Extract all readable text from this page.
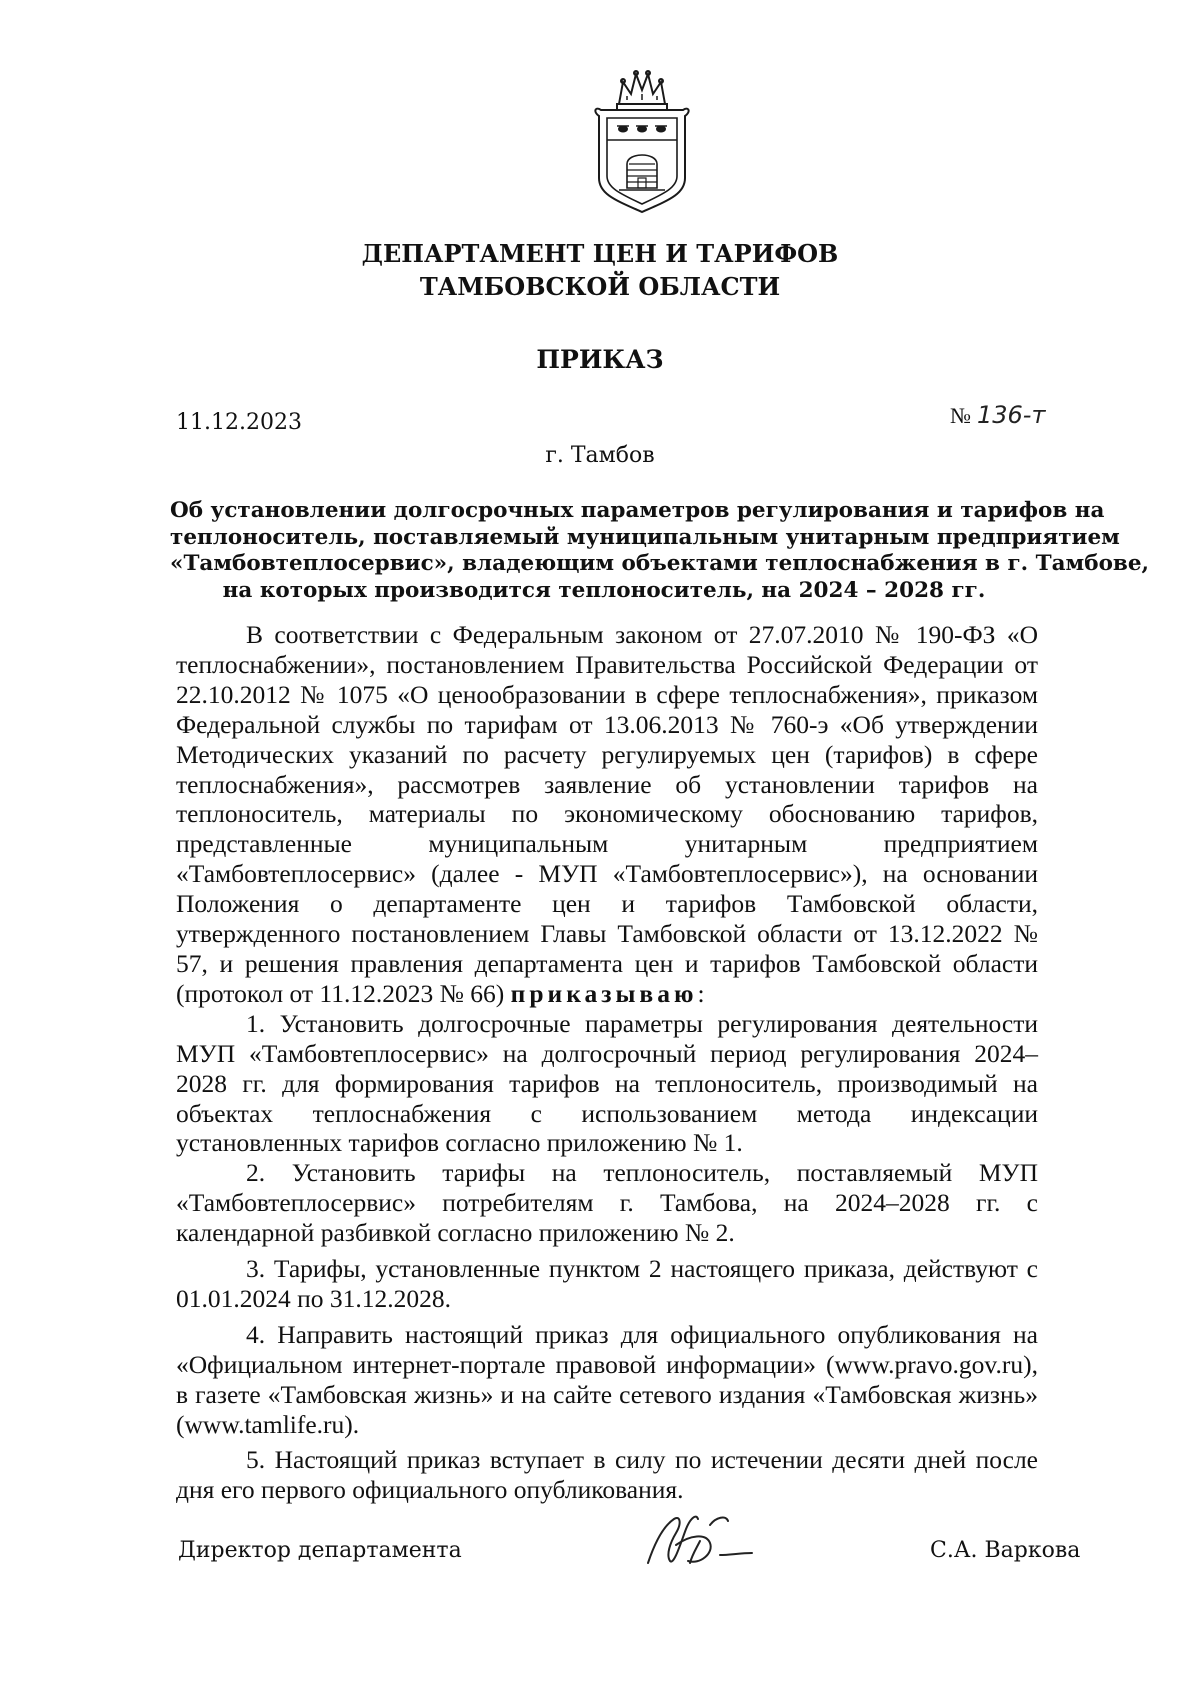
ДЕПАРТАМЕНТ ЦЕН И ТАРИФОВ
ТАМБОВСКОЙ ОБЛАСТИ
ПРИКАЗ
11.12.2023	№ 136-т
г. Тамбов
Об установлении долгосрочных параметров регулирования и тарифов на
теплоноситель, поставляемый муниципальным унитарным предприятием
«Тамбовтеплосервис», владеющим объектами теплоснабжения в г. Тамбове,
на которых производится теплоноситель, на 2024 – 2028 гг.

В соответствии с Федеральным законом от 27.07.2010 № 190-ФЗ «О теплоснабжении», постановлением Правительства Российской Федерации от 22.10.2012 № 1075 «О ценообразовании в сфере теплоснабжения», приказом Федеральной службы по тарифам от 13.06.2013 № 760-э «Об утверждении Методических указаний по расчету регулируемых цен (тарифов) в сфере теплоснабжения», рассмотрев заявление об установлении тарифов на теплоноситель, материалы по экономическому обоснованию тарифов, представленные муниципальным унитарным предприятием «Тамбовтеплосервис» (далее - МУП «Тамбовтеплосервис»), на основании Положения о департаменте цен и тарифов Тамбовской области, утвержденного постановлением Главы Тамбовской области от 13.12.2022 № 57, и решения правления департамента цен и тарифов Тамбовской области (протокол от 11.12.2023 № 66) приказываю:

1. Установить долгосрочные параметры регулирования деятельности МУП «Тамбовтеплосервис» на долгосрочный период регулирования 2024–2028 гг. для формирования тарифов на теплоноситель, производимый на объектах теплоснабжения с использованием метода индексации установленных тарифов согласно приложению № 1.

2. Установить тарифы на теплоноситель, поставляемый МУП «Тамбовтеплосервис» потребителям г. Тамбова, на 2024–2028 гг. с календарной разбивкой согласно приложению № 2.

3. Тарифы, установленные пунктом 2 настоящего приказа, действуют с 01.01.2024 по 31.12.2028.

4. Направить настоящий приказ для официального опубликования на «Официальном интернет-портале правовой информации» (www.pravo.gov.ru), в газете «Тамбовская жизнь» и на сайте сетевого издания «Тамбовская жизнь» (www.tamlife.ru).

5. Настоящий приказ вступает в силу по истечении десяти дней после дня его первого официального опубликования.

Директор департамента	С.А. Варкова
